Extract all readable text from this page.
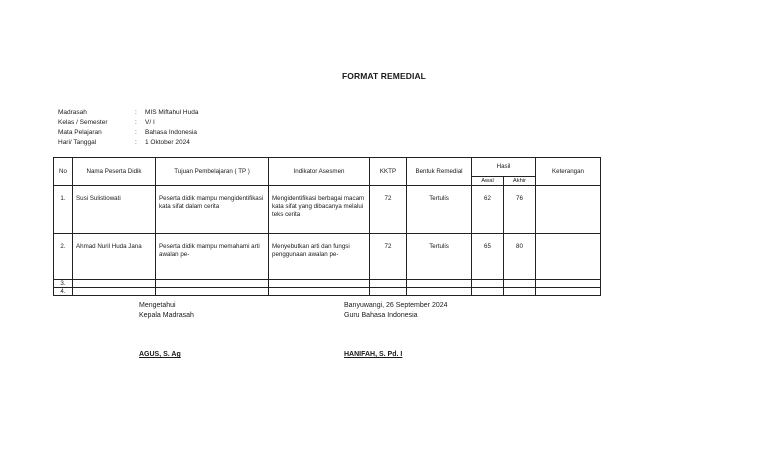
FORMAT REMEDIAL
Madrasah	:	MIS Miftahul Huda
Kelas / Semester	:	V/ I
Mata Pelajaran	:	Bahasa Indonesia
Hari/ Tanggal	:	1 Oktober 2024
No	Nama Peserta Didik	Tujuan Pembelajaran ( TP )	Indikator Asesmen	KKTP	Bentuk Remedial	Hasil		Keterangan
						Awal	Akhir	
1.	Susi Sulistiowati	Peserta didik mampu mengidentifikasi kata sifat dalam cerita	Mengidentifikasi berbagai macam kata sifat yang dibacanya melalui teks cerita	72	Tertulis	62	76	
2.	Ahmad Nuril Huda Jana	Peserta didik mampu memahami arti awalan pe-	Menyebutkan arti dan fungsi penggunaan awalan pe-	72	Tertulis	65	80	
3.								
4.								
Mengetahui
Kepala Madrasah
AGUS, S. Ag
Banyuwangi, 26 September 2024
Guru Bahasa Indonesia
HANIFAH, S. Pd. I
